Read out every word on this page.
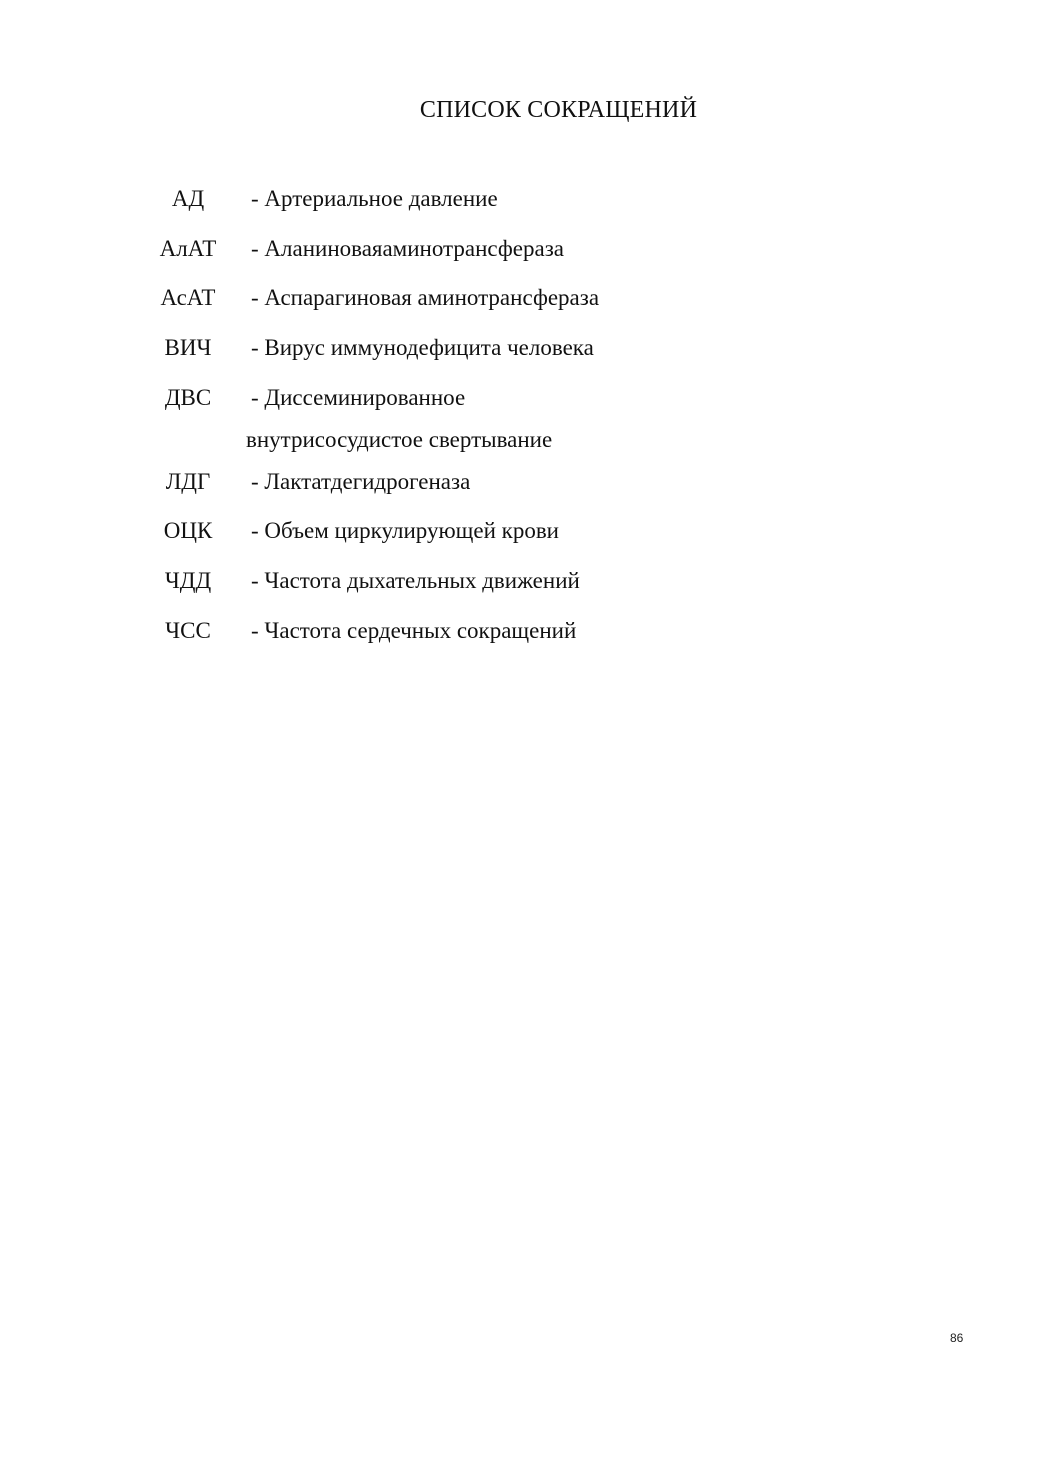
СПИСОК СОКРАЩЕНИЙ
АД	- Артериальное давление
АлАТ	- Аланиноваяаминотрансфераза
АсАТ	- Аспарагиновая аминотрансфераза
ВИЧ	- Вирус иммунодефицита человека
ДВС	- Диссеминированное
внутрисосудистое свертывание
ЛДГ	- Лактатдегидрогеназа
ОЦК	- Объем циркулирующей крови
ЧДД	- Частота дыхательных движений
ЧСС	- Частота сердечных сокращений
86
